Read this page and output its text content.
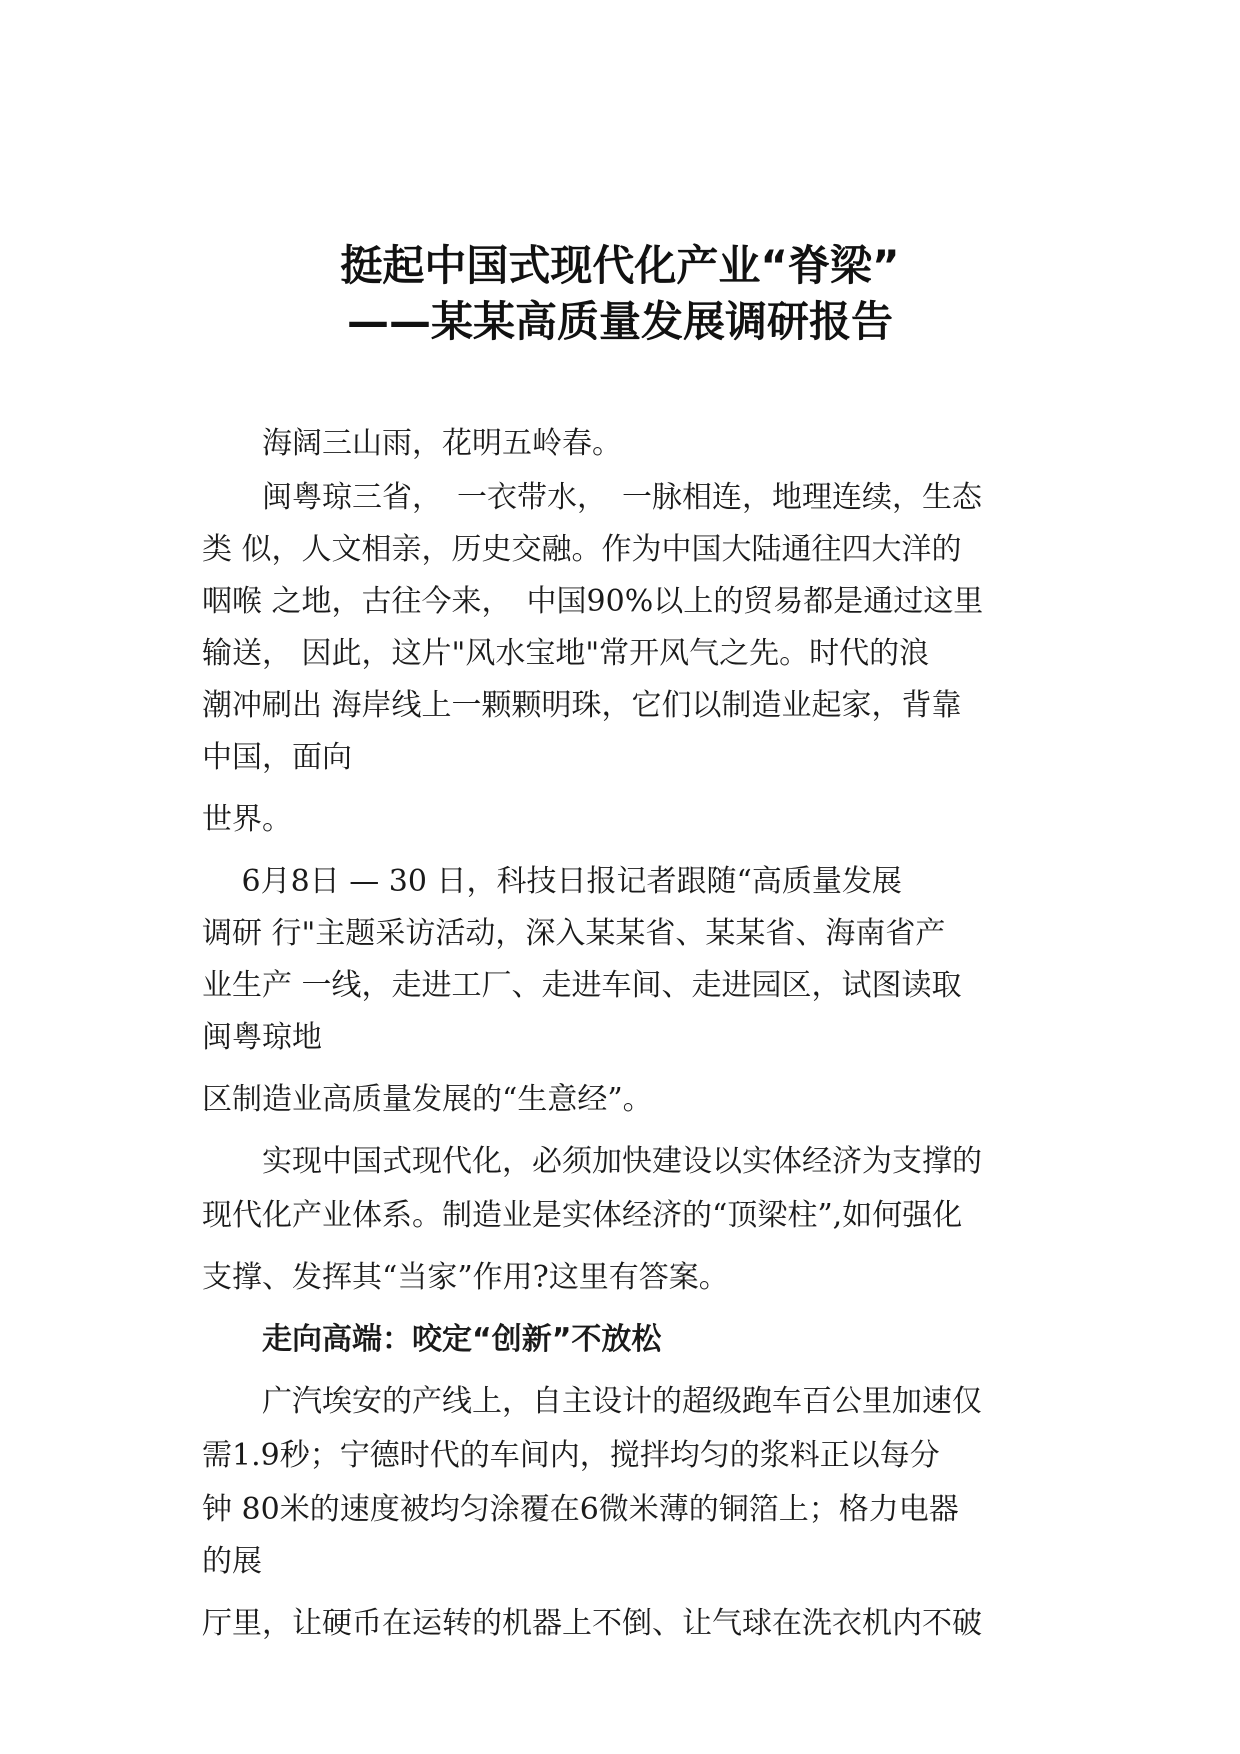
挺起中国式现代化产业“脊梁”
——某某高质量发展调研报告
　　海阔三山雨，花明五岭春。
　　闽粤琼三省，　一衣带水，　一脉相连，地理连续，生态
类 似，人文相亲，历史交融。作为中国大陆通往四大洋的
咽喉 之地，古往今来，　中国90%以上的贸易都是通过这里
输送， 因此，这片"风水宝地"常开风气之先。时代的浪
潮冲刷出 海岸线上一颗颗明珠，它们以制造业起家，背靠
中国，面向
世界。
　 6月8日 — 30 日，科技日报记者跟随“高质量发展
调研 行"主题采访活动，深入某某省、某某省、海南省产
业生产 一线，走进工厂、走进车间、走进园区，试图读取
闽粤琼地
区制造业高质量发展的“生意经”。
　　实现中国式现代化，必须加快建设以实体经济为支撑的
现代化产业体系。制造业是实体经济的“顶梁柱”,如何强化
支撑、发挥其“当家”作用?这里有答案。
　　走向高端：咬定“创新”不放松
　　广汽埃安的产线上，自主设计的超级跑车百公里加速仅
需1.9秒；宁德时代的车间内，搅拌均匀的浆料正以每分
钟 80米的速度被均匀涂覆在6微米薄的铜箔上；格力电器
的展
厅里，让硬币在运转的机器上不倒、让气球在洗衣机内不破
